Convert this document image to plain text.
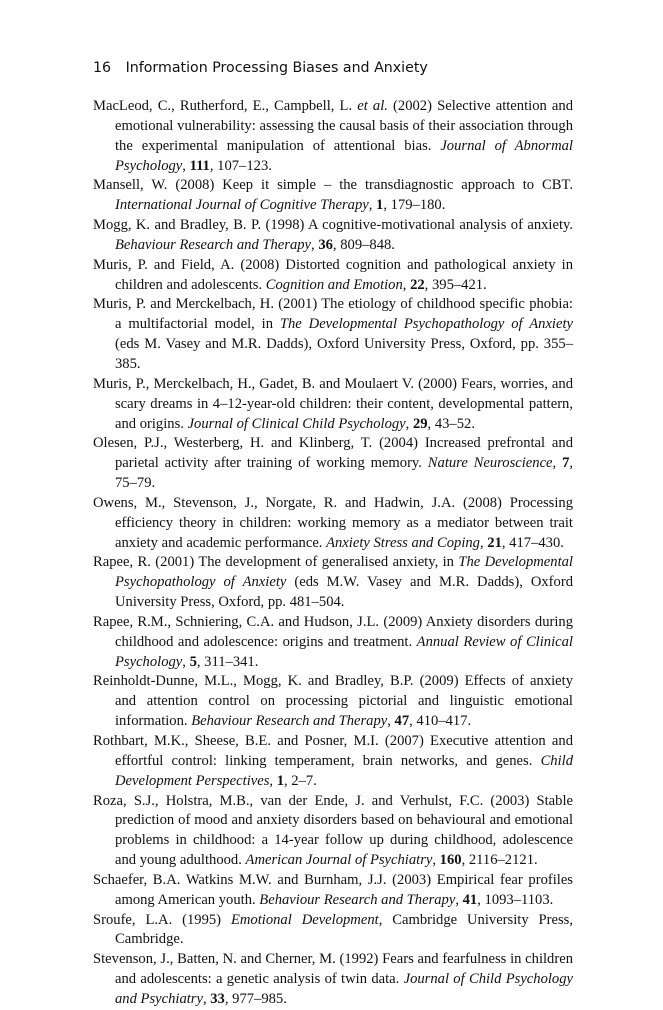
16 Information Processing Biases and Anxiety

MacLeod, C., Rutherford, E., Campbell, L. et al. (2002) Selective attention and emotional vulnerability: assessing the causal basis of their association through the experimental manipulation of attentional bias. Journal of Abnormal Psychology, 111, 107–123.

Mansell, W. (2008) Keep it simple – the transdiagnostic approach to CBT. International Journal of Cognitive Therapy, 1, 179–180.

Mogg, K. and Bradley, B. P. (1998) A cognitive-motivational analysis of anxiety. Behaviour Research and Therapy, 36, 809–848.

Muris, P. and Field, A. (2008) Distorted cognition and pathological anxiety in children and adolescents. Cognition and Emotion, 22, 395–421.

Muris, P. and Merckelbach, H. (2001) The etiology of childhood specific phobia: a multifactorial model, in The Developmental Psychopathology of Anxiety (eds M. Vasey and M.R. Dadds), Oxford University Press, Oxford, pp. 355–385.

Muris, P., Merckelbach, H., Gadet, B. and Moulaert V. (2000) Fears, worries, and scary dreams in 4–12-year-old children: their content, developmental pattern, and origins. Journal of Clinical Child Psychology, 29, 43–52.

Olesen, P.J., Westerberg, H. and Klinberg, T. (2004) Increased prefrontal and parietal activity after training of working memory. Nature Neuroscience, 7, 75–79.

Owens, M., Stevenson, J., Norgate, R. and Hadwin, J.A. (2008) Processing efficiency theory in children: working memory as a mediator between trait anxiety and academic performance. Anxiety Stress and Coping, 21, 417–430.

Rapee, R. (2001) The development of generalised anxiety, in The Developmental Psychopathology of Anxiety (eds M.W. Vasey and M.R. Dadds), Oxford University Press, Oxford, pp. 481–504.

Rapee, R.M., Schniering, C.A. and Hudson, J.L. (2009) Anxiety disorders during childhood and adolescence: origins and treatment. Annual Review of Clinical Psychology, 5, 311–341.

Reinholdt-Dunne, M.L., Mogg, K. and Bradley, B.P. (2009) Effects of anxiety and attention control on processing pictorial and linguistic emotional information. Behaviour Research and Therapy, 47, 410–417.

Rothbart, M.K., Sheese, B.E. and Posner, M.I. (2007) Executive attention and effortful control: linking temperament, brain networks, and genes. Child Development Perspectives, 1, 2–7.

Roza, S.J., Holstra, M.B., van der Ende, J. and Verhulst, F.C. (2003) Stable prediction of mood and anxiety disorders based on behavioural and emotional problems in childhood: a 14-year follow up during childhood, adolescence and young adulthood. American Journal of Psychiatry, 160, 2116–2121.

Schaefer, B.A. Watkins M.W. and Burnham, J.J. (2003) Empirical fear profiles among American youth. Behaviour Research and Therapy, 41, 1093–1103.

Sroufe, L.A. (1995) Emotional Development, Cambridge University Press, Cambridge.

Stevenson, J., Batten, N. and Cherner, M. (1992) Fears and fearfulness in children and adolescents: a genetic analysis of twin data. Journal of Child Psychology and Psychiatry, 33, 977–985.
